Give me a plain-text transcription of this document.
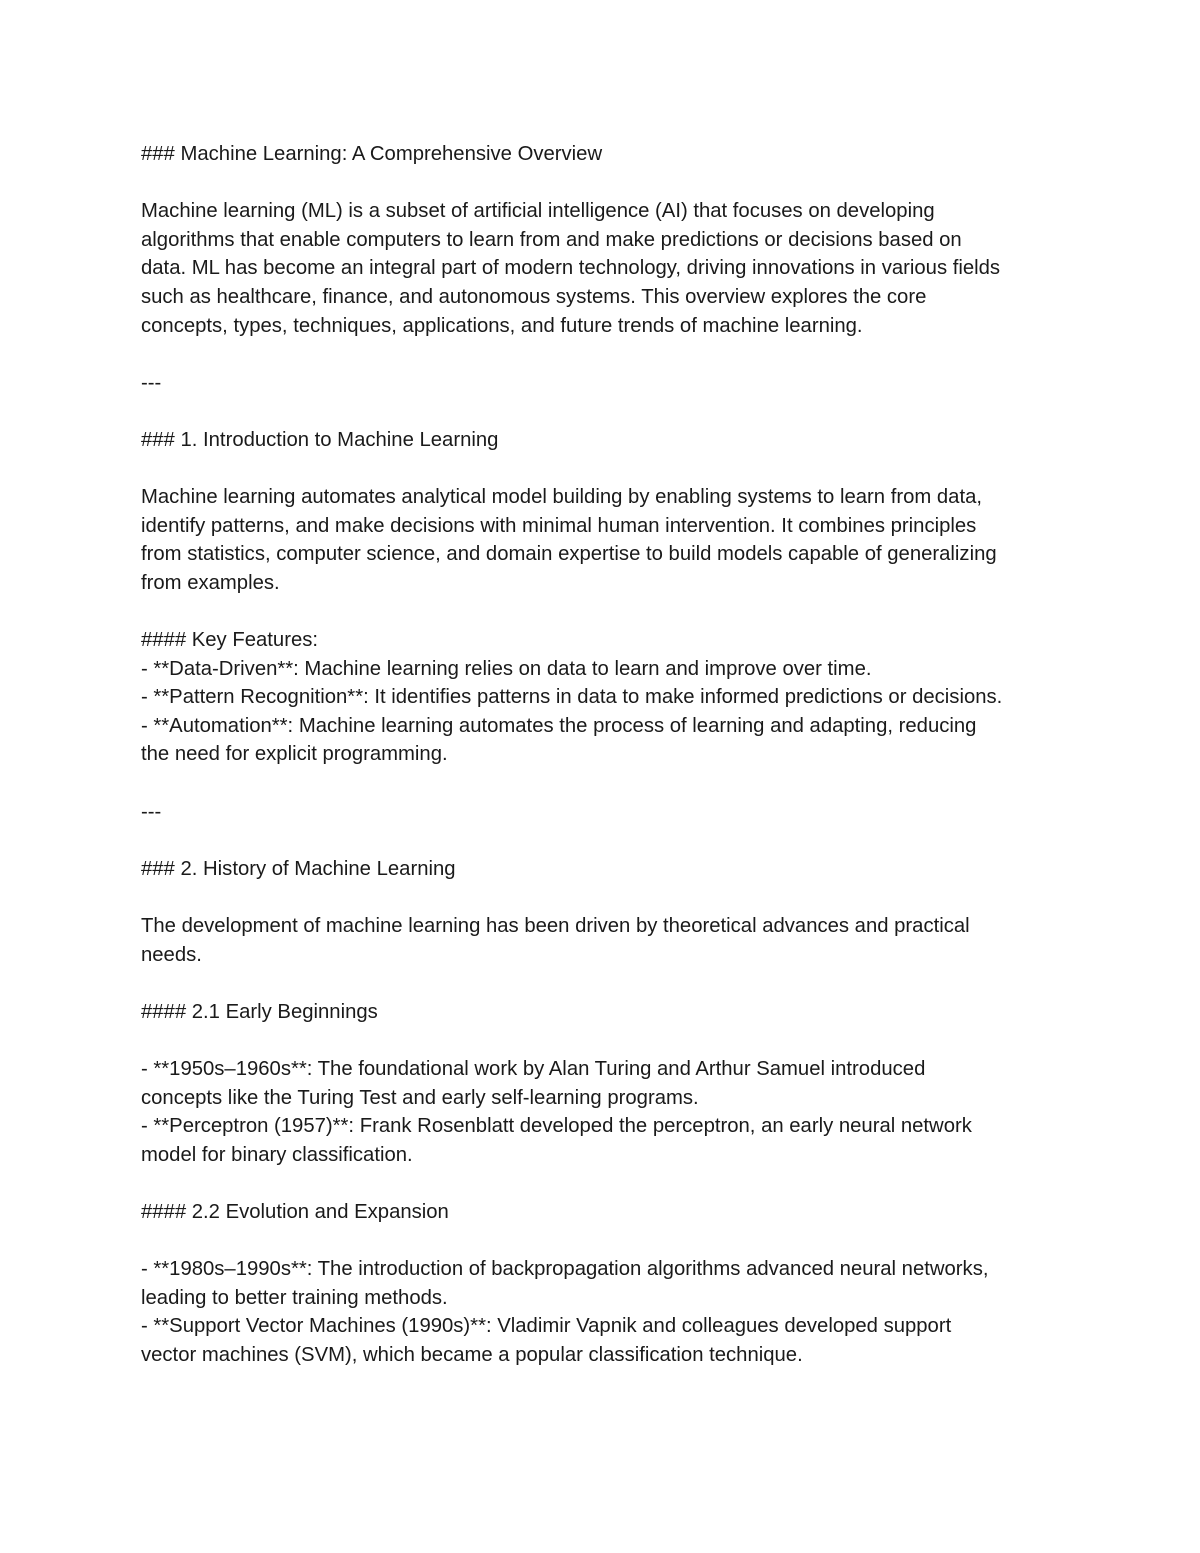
### Machine Learning: A Comprehensive Overview

Machine learning (ML) is a subset of artificial intelligence (AI) that focuses on developing

algorithms that enable computers to learn from and make predictions or decisions based on

data. ML has become an integral part of modern technology, driving innovations in various fields

such as healthcare, finance, and autonomous systems. This overview explores the core

concepts, types, techniques, applications, and future trends of machine learning.

---

### 1. Introduction to Machine Learning

Machine learning automates analytical model building by enabling systems to learn from data,

identify patterns, and make decisions with minimal human intervention. It combines principles

from statistics, computer science, and domain expertise to build models capable of generalizing

from examples.

#### Key Features:

- **Data-Driven**: Machine learning relies on data to learn and improve over time.

- **Pattern Recognition**: It identifies patterns in data to make informed predictions or decisions.

- **Automation**: Machine learning automates the process of learning and adapting, reducing

the need for explicit programming.

---

### 2. History of Machine Learning

The development of machine learning has been driven by theoretical advances and practical

needs.

#### 2.1 Early Beginnings

- **1950s–1960s**: The foundational work by Alan Turing and Arthur Samuel introduced

concepts like the Turing Test and early self-learning programs.

- **Perceptron (1957)**: Frank Rosenblatt developed the perceptron, an early neural network

model for binary classification.

#### 2.2 Evolution and Expansion

- **1980s–1990s**: The introduction of backpropagation algorithms advanced neural networks,

leading to better training methods.

- **Support Vector Machines (1990s)**: Vladimir Vapnik and colleagues developed support

vector machines (SVM), which became a popular classification technique.
